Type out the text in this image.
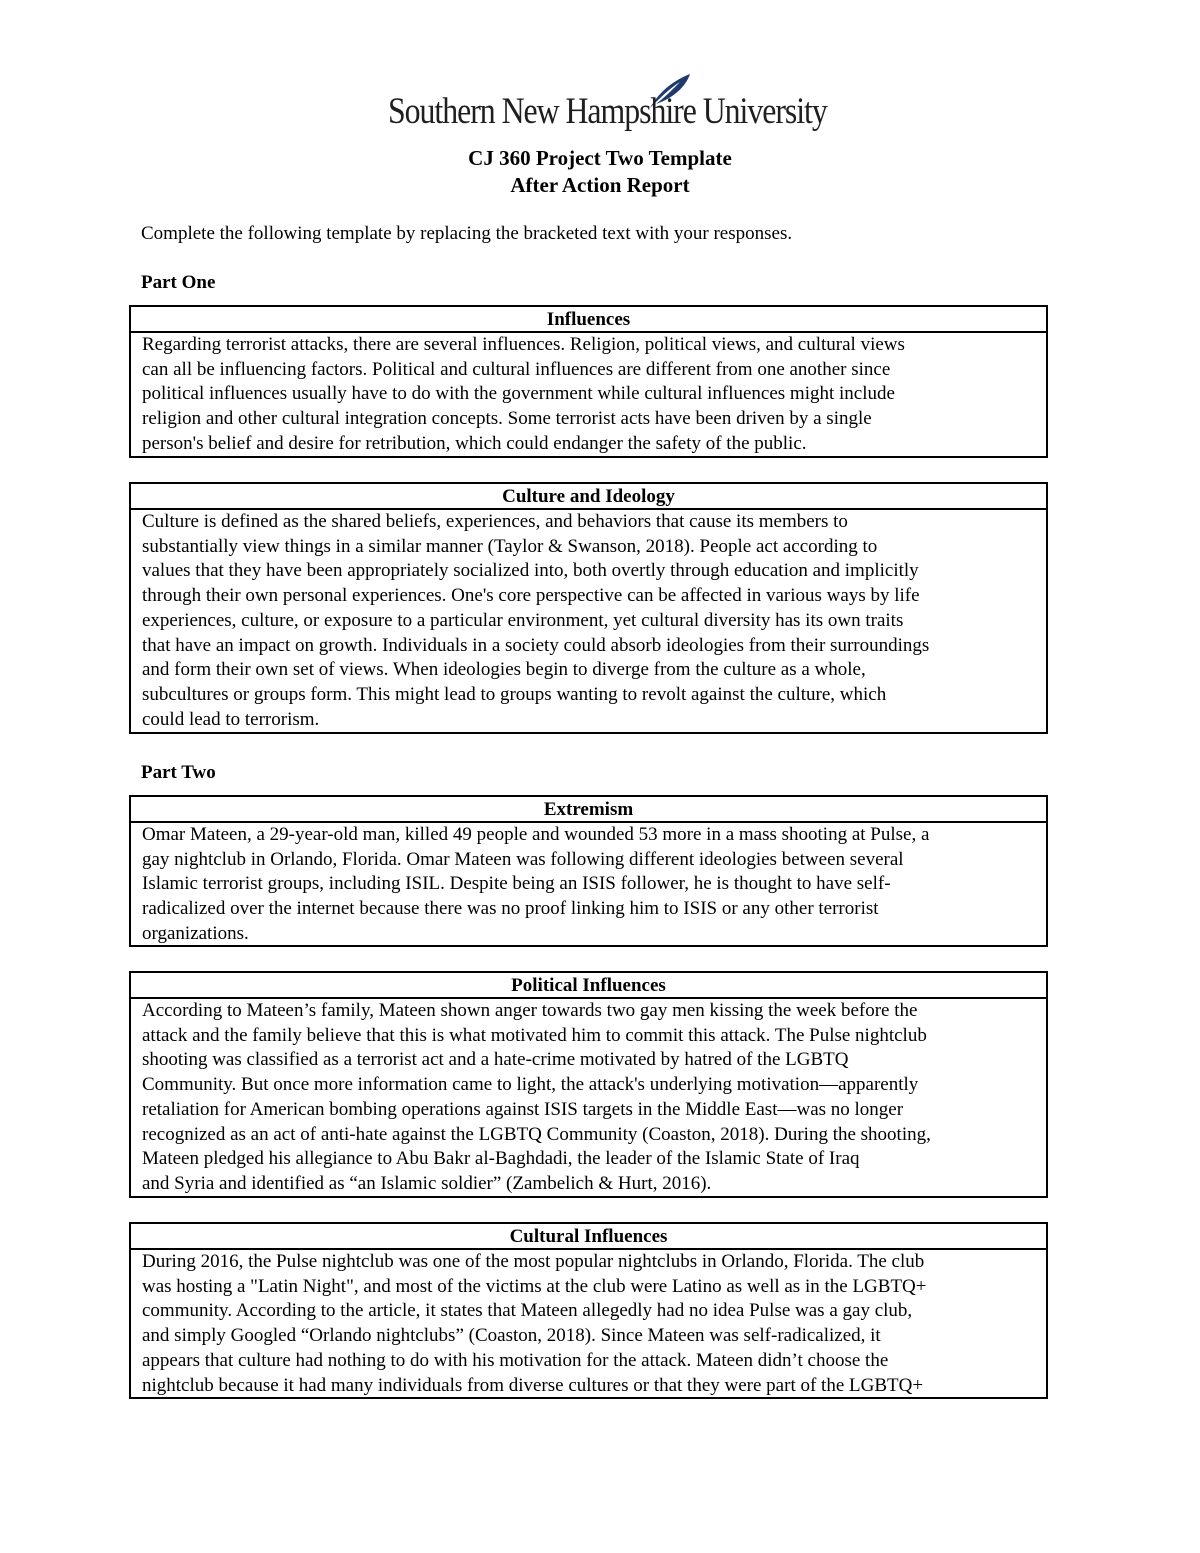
Southern New Hampshire University
CJ 360 Project Two Template
After Action Report
Complete the following template by replacing the bracketed text with your responses.
Part One
Influences
Regarding terrorist attacks, there are several influences. Religion, political views, and cultural views
can all be influencing factors. Political and cultural influences are different from one another since
political influences usually have to do with the government while cultural influences might include
religion and other cultural integration concepts. Some terrorist acts have been driven by a single
person's belief and desire for retribution, which could endanger the safety of the public.
Culture and Ideology
Culture is defined as the shared beliefs, experiences, and behaviors that cause its members to
substantially view things in a similar manner (Taylor & Swanson, 2018). People act according to
values that they have been appropriately socialized into, both overtly through education and implicitly
through their own personal experiences. One's core perspective can be affected in various ways by life
experiences, culture, or exposure to a particular environment, yet cultural diversity has its own traits
that have an impact on growth. Individuals in a society could absorb ideologies from their surroundings
and form their own set of views. When ideologies begin to diverge from the culture as a whole,
subcultures or groups form. This might lead to groups wanting to revolt against the culture, which
could lead to terrorism.
Part Two
Extremism
Omar Mateen, a 29-year-old man, killed 49 people and wounded 53 more in a mass shooting at Pulse, a
gay nightclub in Orlando, Florida. Omar Mateen was following different ideologies between several
Islamic terrorist groups, including ISIL. Despite being an ISIS follower, he is thought to have self-
radicalized over the internet because there was no proof linking him to ISIS or any other terrorist
organizations.
Political Influences
According to Mateen’s family, Mateen shown anger towards two gay men kissing the week before the
attack and the family believe that this is what motivated him to commit this attack. The Pulse nightclub
shooting was classified as a terrorist act and a hate-crime motivated by hatred of the LGBTQ
Community. But once more information came to light, the attack's underlying motivation—apparently
retaliation for American bombing operations against ISIS targets in the Middle East—was no longer
recognized as an act of anti-hate against the LGBTQ Community (Coaston, 2018). During the shooting,
Mateen pledged his allegiance to Abu Bakr al-Baghdadi, the leader of the Islamic State of Iraq
and Syria and identified as “an Islamic soldier” (Zambelich & Hurt, 2016).
Cultural Influences
During 2016, the Pulse nightclub was one of the most popular nightclubs in Orlando, Florida. The club
was hosting a "Latin Night", and most of the victims at the club were Latino as well as in the LGBTQ+
community. According to the article, it states that Mateen allegedly had no idea Pulse was a gay club,
and simply Googled “Orlando nightclubs” (Coaston, 2018). Since Mateen was self-radicalized, it
appears that culture had nothing to do with his motivation for the attack. Mateen didn’t choose the
nightclub because it had many individuals from diverse cultures or that they were part of the LGBTQ+
